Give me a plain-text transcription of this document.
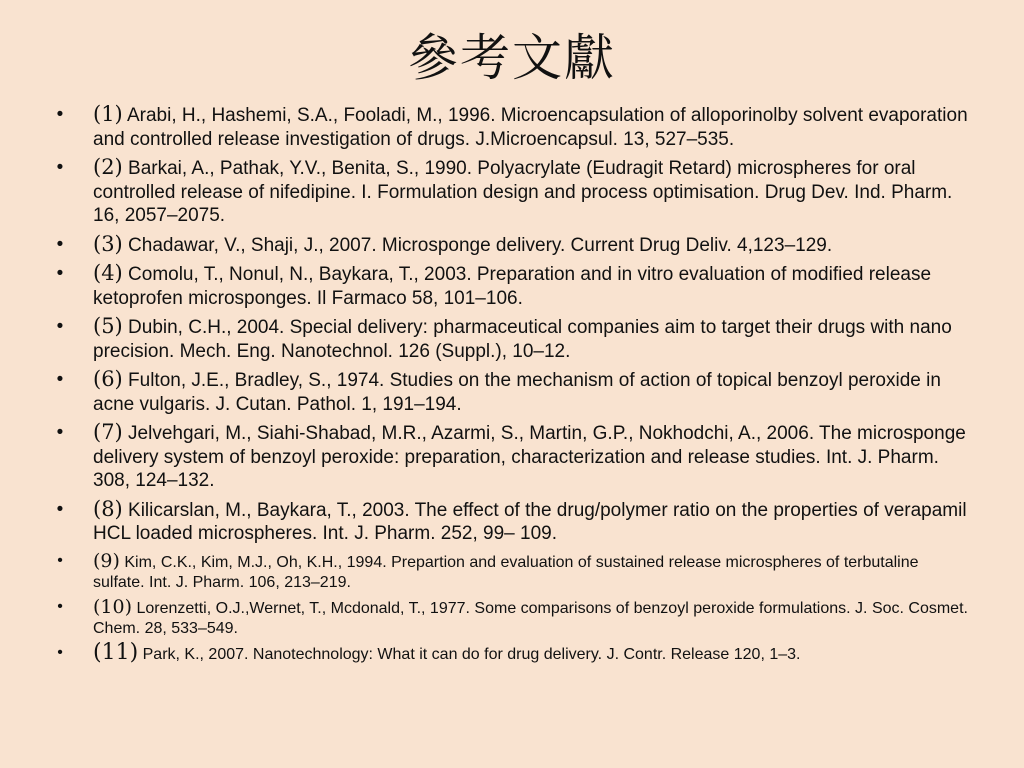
參考文獻
• (1) Arabi, H., Hashemi, S.A., Fooladi, M., 1996. Microencapsulation of alloporinolby solvent evaporation and controlled release investigation of drugs. J.Microencapsul. 13, 527–535.
• (2) Barkai, A., Pathak, Y.V., Benita, S., 1990. Polyacrylate (Eudragit Retard) microspheres for oral controlled release of nifedipine. I. Formulation design and process optimisation. Drug Dev. Ind. Pharm. 16, 2057–2075.
• (3) Chadawar, V., Shaji, J., 2007. Microsponge delivery. Current Drug Deliv. 4,123–129.
• (4) Comolu, T., Nonul, N., Baykara, T., 2003. Preparation and in vitro evaluation of modified release ketoprofen microsponges. Il Farmaco 58, 101–106.
• (5) Dubin, C.H., 2004. Special delivery: pharmaceutical companies aim to target their drugs with nano precision. Mech. Eng. Nanotechnol. 126 (Suppl.), 10–12.
• (6) Fulton, J.E., Bradley, S., 1974. Studies on the mechanism of action of topical benzoyl peroxide in acne vulgaris. J. Cutan. Pathol. 1, 191–194.
• (7) Jelvehgari, M., Siahi-Shabad, M.R., Azarmi, S., Martin, G.P., Nokhodchi, A., 2006. The microsponge delivery system of benzoyl peroxide: preparation, characterization and release studies. Int. J. Pharm. 308, 124–132.
• (8) Kilicarslan, M., Baykara, T., 2003. The effect of the drug/polymer ratio on the properties of verapamil HCL loaded microspheres. Int. J. Pharm. 252, 99– 109.
• (9) Kim, C.K., Kim, M.J., Oh, K.H., 1994. Prepartion and evaluation of sustained release microspheres of terbutaline sulfate. Int. J. Pharm. 106, 213–219.
• (10) Lorenzetti, O.J.,Wernet, T., Mcdonald, T., 1977. Some comparisons of benzoyl peroxide formulations. J. Soc. Cosmet. Chem. 28, 533–549.
• (11) Park, K., 2007. Nanotechnology: What it can do for drug delivery. J. Contr. Release 120, 1–3.
